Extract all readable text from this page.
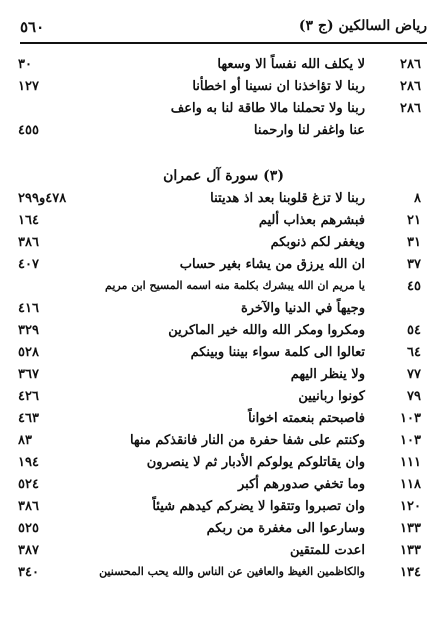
٥٦٠	رياض السالكين (ج ٣)
٢٨٦
لا يكلف الله نفساً الا وسعها
٣٠
٢٨٦
ربنا لا تؤاخذنا ان نسينا أو اخطأنا
١٢٧
٢٨٦
ربنا ولا تحملنا مالا طاقة لنا به واعف
عنا واغفر لنا وارحمنا
٤٥٥
(٣) سورة آل عمران
٨
ربنا لا تزغ قلوبنا بعد اذ هديتنا
٤٧٨و٢٩٩
٢١
فبشرهم بعذاب أليم
١٦٤
٣١
ويغفر لكم ذنوبكم
٣٨٦
٣٧
ان الله يرزق من يشاء بغير حساب
٤٠٧
٤٥
يا مريم ان الله يبشرك بكلمة منه اسمه المسيح ابن مريم
وجيهاً في الدنيا والآخرة
٤١٦
٥٤
ومكروا ومكر الله والله خير الماكرين
٣٢٩
٦٤
تعالوا الى كلمة سواء بيننا وبينكم
٥٢٨
٧٧
ولا ينظر اليهم
٣٦٧
٧٩
كونوا ربانيين
٤٢٦
١٠٣
فاصبحتم بنعمته اخواناً
٤٦٣
١٠٣
وكنتم على شفا حفرة من النار فانقذكم منها
٨٣
١١١
وان يقاتلوكم يولوكم الأدبار ثم لا ينصرون
١٩٤
١١٨
وما تخفي صدورهم أكبر
٥٢٤
١٢٠
وان تصبروا وتتقوا لا يضركم كيدهم شيئاً
٣٨٦
١٣٣
وسارعوا الى مغفرة من ربكم
٥٢٥
١٣٣
اعدت للمتقين
٣٨٧
١٣٤
والكاظمين الغيظ والعافين عن الناس والله يحب المحسنين
٣٤٠
